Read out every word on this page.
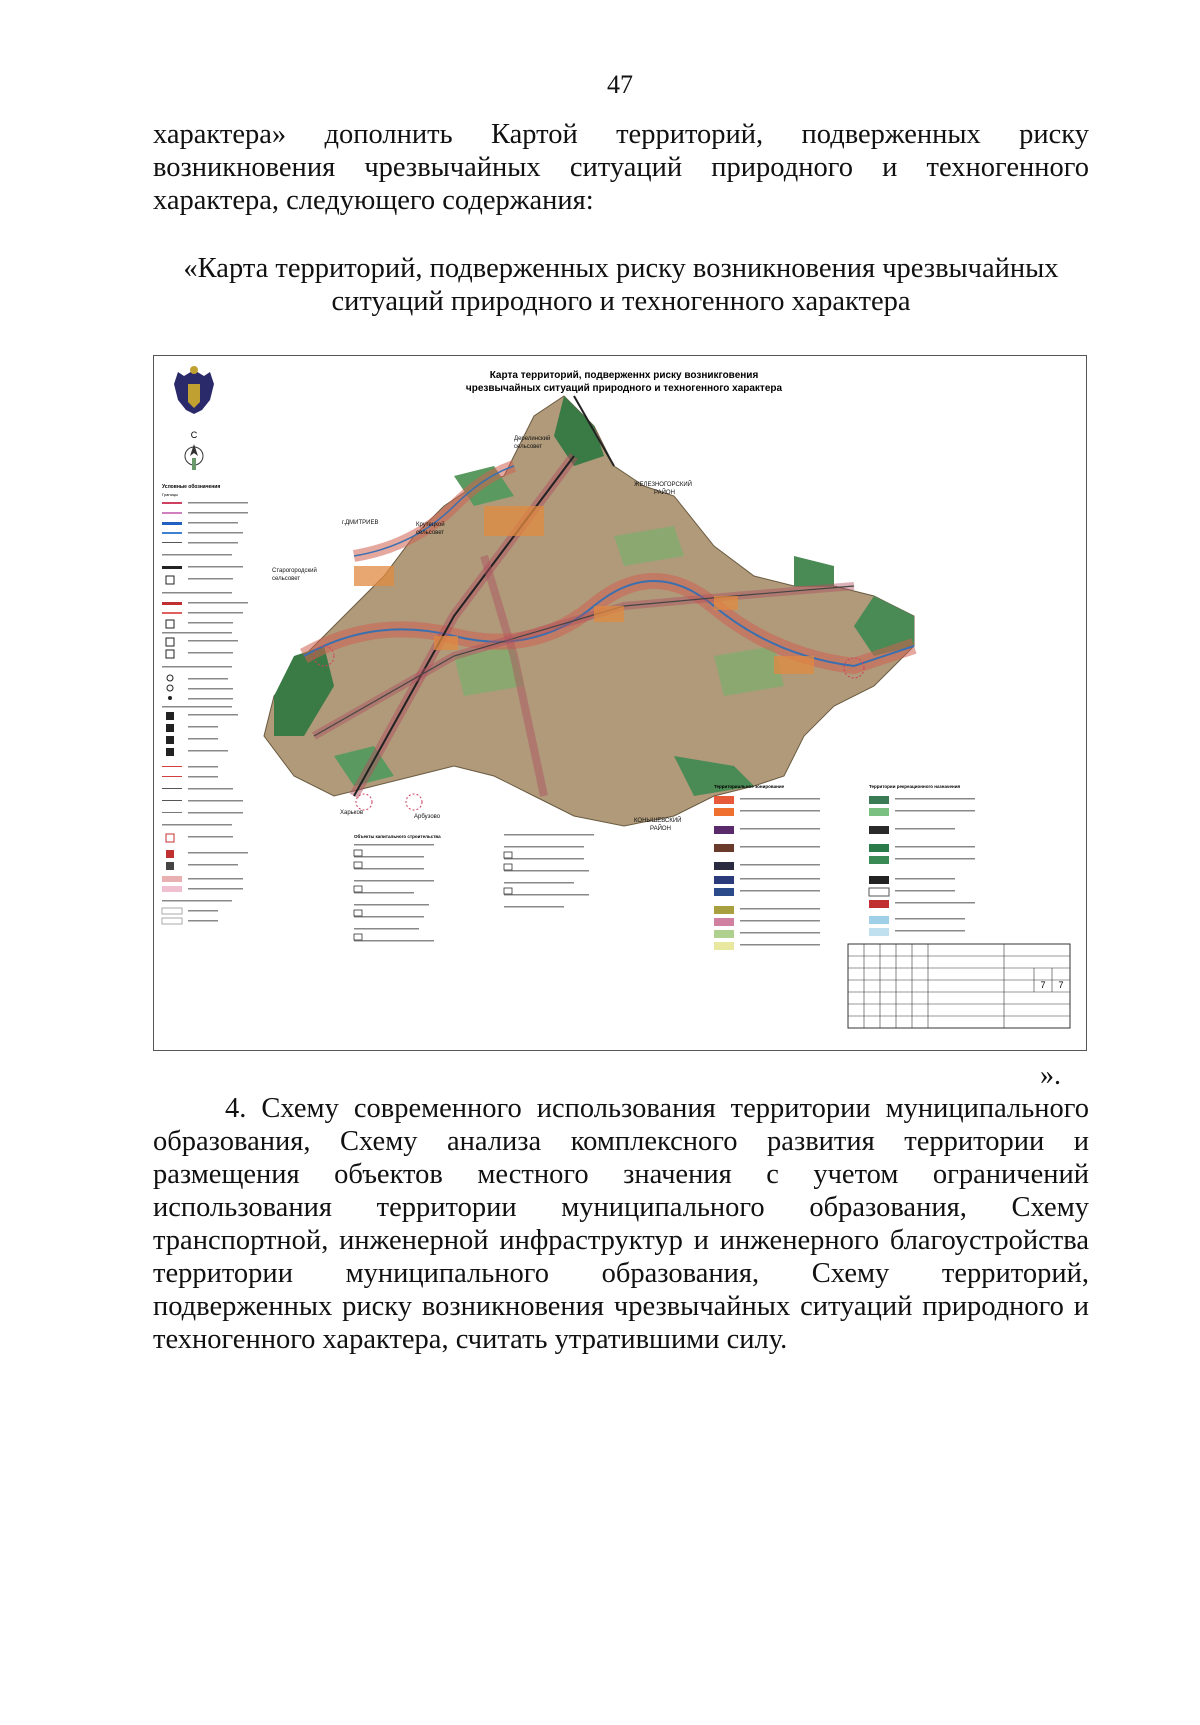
47
характера» дополнить Картой территорий, подверженных риску возникновения чрезвычайных ситуаций природного и техногенного характера, следующего содержания:
«Карта территорий, подверженных риску возникновения чрезвычайных
ситуаций природного и техногенного характера
Карта территорий, подверженнх риску возникговения
чрезвычайных ситуаций природного и техногенного характера
С
Условные обозначения
Границы
г.ДМИТРИЕВ	Крутецкой
сельсовет
Старогородский
сельсовет
Дерелинский
сельсовет
ЖЕЛЕЗНОГОРСКИЙ
РАЙОН
КОНЫШЕВСКИЙ
РАЙОН
Харьков
Арбузово
Объекты капитального строительства
Территориальное зонирование	Территории рекреационного назначения
7 7
».
4. Схему современного использования территории муниципального образования, Схему анализа комплексного развития территории и размещения объектов местного значения с учетом ограничений использования территории муниципального образования, Схему транспортной, инженерной инфраструктур и инженерного благоустройства территории муниципального образования, Схему территорий, подверженных риску возникновения чрезвычайных ситуаций природного и техногенного характера, считать утратившими силу.
